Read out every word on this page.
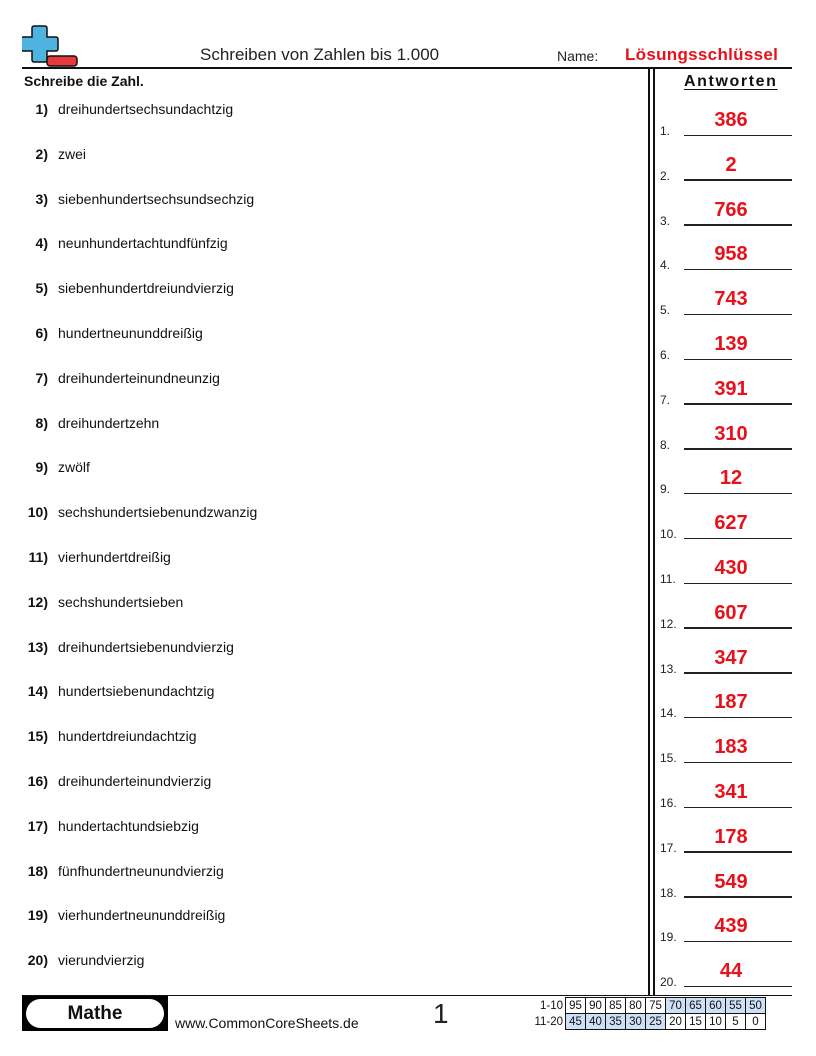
Schreiben von Zahlen bis 1.000	Name: Lösungsschlüssel
Schreibe die Zahl.	Antworten
1) dreihundertsechsundachtzig
2) zwei
3) siebenhundertsechsundsechzig
4) neunhundertachtundfünfzig
5) siebenhundertdreiundvierzig
6) hundertneununddreißig
7) dreihunderteinundneunzig
8) dreihundertzehn
9) zwölf
10) sechshundertsiebenundzwanzig
11) vierhundertdreißig
12) sechshundertsieben
13) dreihundertsiebenundvierzig
14) hundertsiebenundachtzig
15) hundertdreiundachtzig
16) dreihunderteinundvierzig
17) hundertachtundsiebzig
18) fünfhundertneunundvierzig
19) vierhundertneununddreißig
20) vierundvierzig
1.	386
2.	2
3.	766
4.	958
5.	743
6.	139
7.	391
8.	310
9.	12
10.	627
11.	430
12.	607
13.	347
14.	187
15.	183
16.	341
17.	178
18.	549
19.	439
20.	44
Mathe	www.CommonCoreSheets.de	1	1-10	95	90	85	80	75	70	65	60	55	50
11-20	45	40	35	30	25	20	15	10	5	0
